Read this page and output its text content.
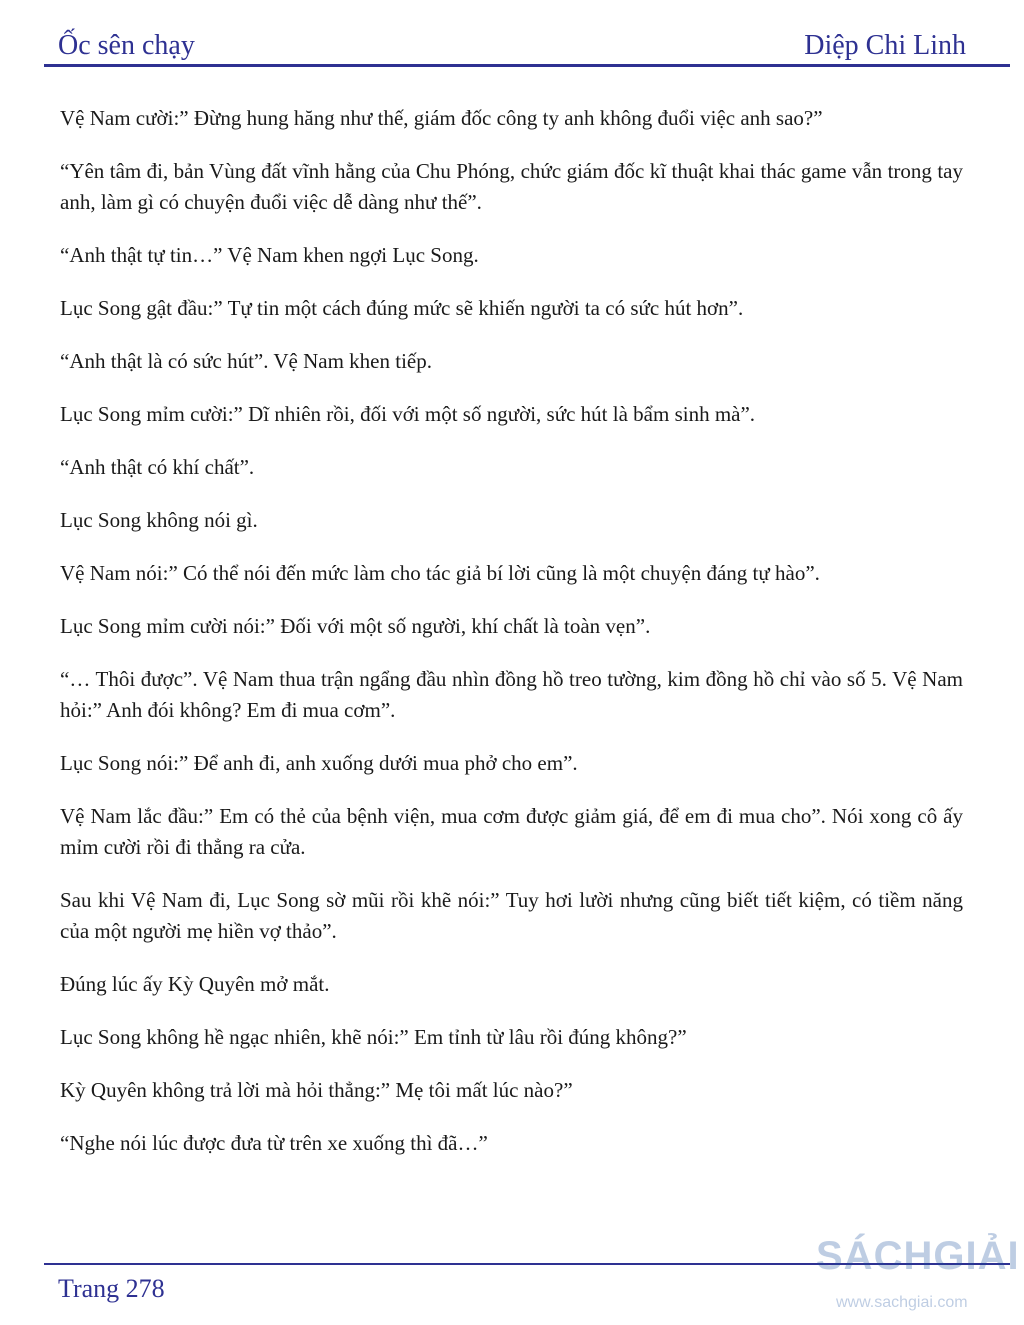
Ốc sên chạy	Diệp Chi Linh

Vệ Nam cười:” Đừng hung hăng như thế, giám đốc công ty anh không đuổi việc anh sao?”

“Yên tâm đi, bản Vùng đất vĩnh hằng của Chu Phóng, chức giám đốc kĩ thuật khai thác game vẫn trong tay anh, làm gì có chuyện đuổi việc dễ dàng như thế”.

“Anh thật tự tin…” Vệ Nam khen ngợi Lục Song.

Lục Song gật đầu:” Tự tin một cách đúng mức sẽ khiến người ta có sức hút hơn”.

“Anh thật là có sức hút”. Vệ Nam khen tiếp.

Lục Song mỉm cười:” Dĩ nhiên rồi, đối với một số người, sức hút là bẩm sinh mà”.

“Anh thật có khí chất”.

Lục Song không nói gì.

Vệ Nam nói:” Có thể nói đến mức làm cho tác giả bí lời cũng là một chuyện đáng tự hào”.

Lục Song mỉm cười nói:” Đối với một số người, khí chất là toàn vẹn”.

“… Thôi được”. Vệ Nam thua trận ngẩng đầu nhìn đồng hồ treo tường, kim đồng hồ chỉ vào số 5. Vệ Nam hỏi:” Anh đói không? Em đi mua cơm”.

Lục Song nói:” Để anh đi, anh xuống dưới mua phở cho em”.

Vệ Nam lắc đầu:” Em có thẻ của bệnh viện, mua cơm được giảm giá, để em đi mua cho”. Nói xong cô ấy mỉm cười rồi đi thẳng ra cửa.

Sau khi Vệ Nam đi, Lục Song sờ mũi rồi khẽ nói:” Tuy hơi lười nhưng cũng biết tiết kiệm, có tiềm năng của một người mẹ hiền vợ thảo”.

Đúng lúc ấy Kỳ Quyên mở mắt.

Lục Song không hề ngạc nhiên, khẽ nói:” Em tỉnh từ lâu rồi đúng không?”

Kỳ Quyên không trả lời mà hỏi thẳng:” Mẹ tôi mất lúc nào?”

“Nghe nói lúc được đưa từ trên xe xuống thì đã…”

Trang 278
SÁCHGIẢI
www.sachgiai.com
